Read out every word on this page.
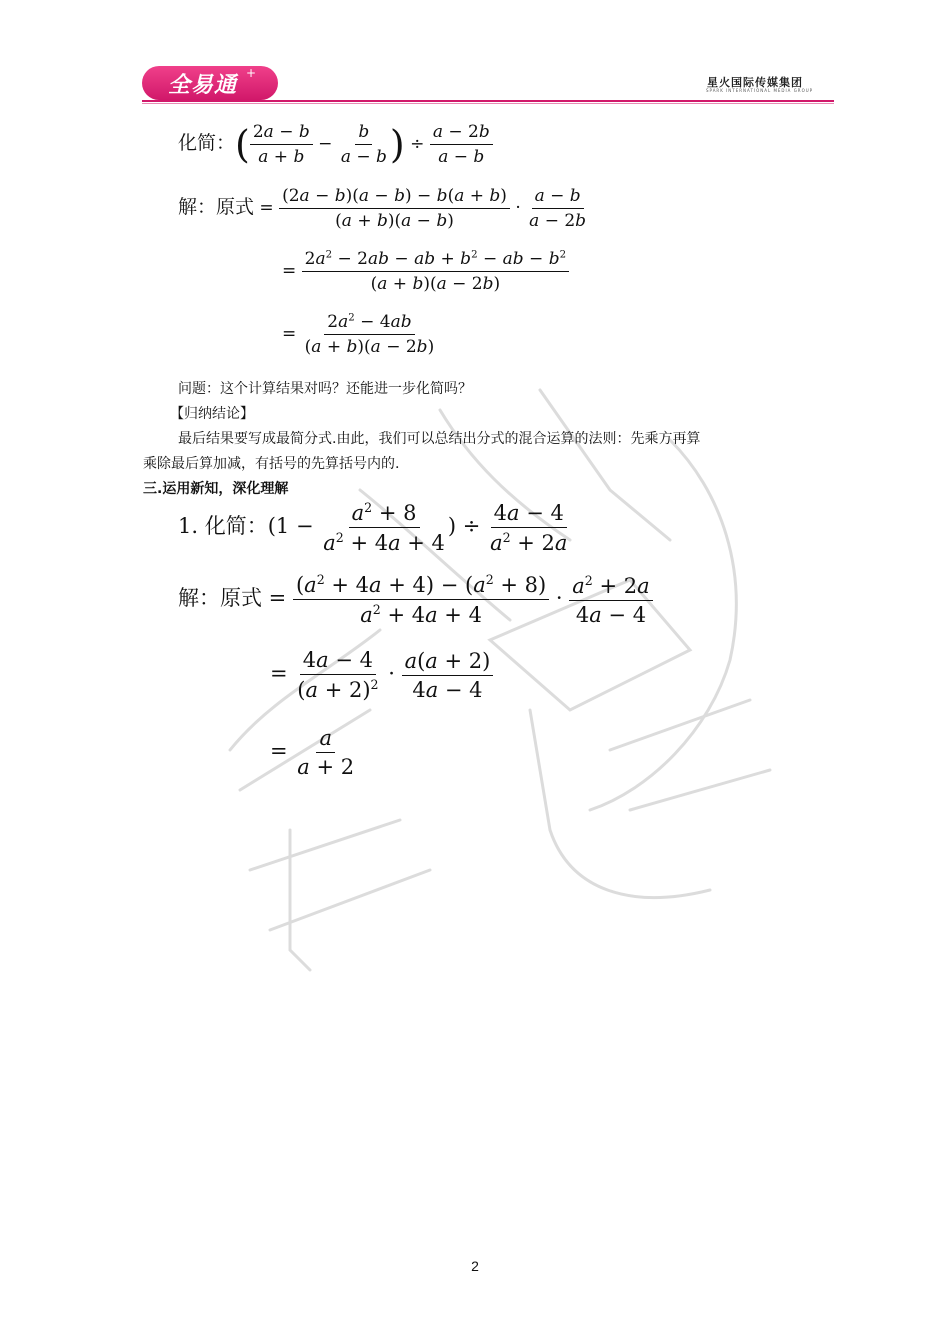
全易通 +
星火国际传媒集团
SPARK INTERNATIONAL MEDIA GROUP
化简：( $\frac{2a - b}{a + b} - \frac{b}{a - b}$ ) ÷ $\frac{a - 2b}{a - b}$
解：原式 = $\frac{(2a - b)(a - b) - b(a + b)}{(a + b)(a - b)} \cdot \frac{a - b}{a - 2b}$
= $\frac{2a^2 - 2ab - ab + b^2 - ab - b^2}{(a + b)(a - 2b)}$
= $\frac{2a^2 - 4ab}{(a + b)(a - 2b)}$
问题：这个计算结果对吗？还能进一步化简吗？
【归纳结论】
最后结果要写成最简分式.由此，我们可以总结出分式的混合运算的法则：先乘方再算
乘除最后算加减，有括号的先算括号内的.
三.运用新知，深化理解
1. 化简：($1 - \frac{a^2 + 8}{a^2 + 4a + 4}$ ) ÷ $\frac{4a - 4}{a^2 + 2a}$
解：原式 = $\frac{(a^2 + 4a + 4) - (a^2 + 8)}{a^2 + 4a + 4} \cdot \frac{a^2 + 2a}{4a - 4}$
= $\frac{4a - 4}{(a + 2)^2} \cdot \frac{a(a + 2)}{4a - 4}$
= $\frac{a}{a + 2}$
2
